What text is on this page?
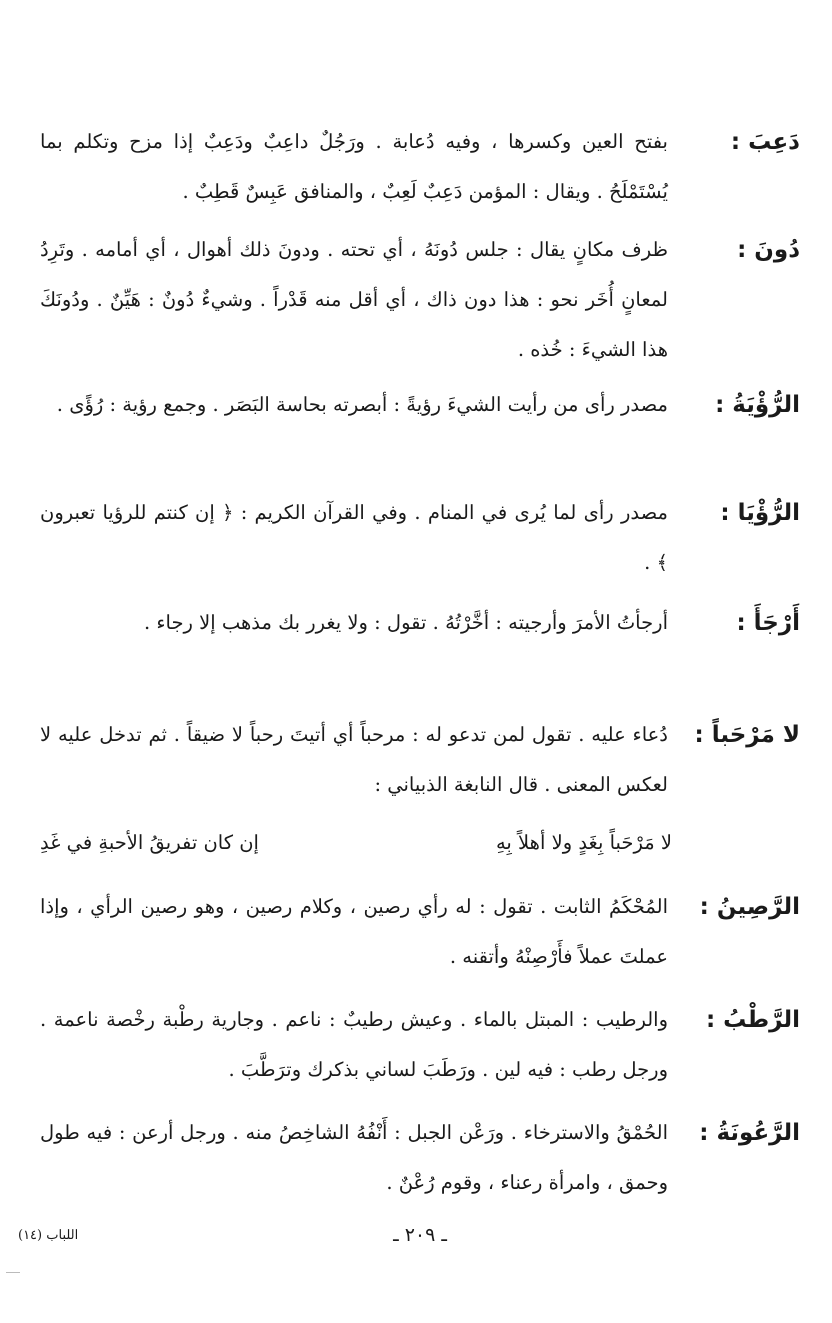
دَعِبَ :
بفتح العين وكسرها ، وفيه دُعابة . ورَجُلٌ داعِبٌ ودَعِبٌ إذا مزح وتكلم بما يُسْتَمْلَحُ . ويقال : المؤمن دَعِبٌ لَعِبٌ ، والمنافق عَبِسٌ قَطِبٌ .
دُونَ :
ظرف مكانٍ يقال : جلس دُونَهُ ، أي تحته . ودونَ ذلك أهوال ، أي أمامه . وتَرِدُ لمعانٍ أُخَر نحو : هذا دون ذاك ، أي أقل منه قَدْراً . وشيءٌ دُونٌ : هَيِّنٌ . ودُونَكَ هذا الشيءَ : خُذه .
الرُّؤْيَةُ :
مصدر رأى من رأيت الشيءَ رؤيةً : أبصرته بحاسة البَصَر . وجمع رؤية : رُؤًى .
الرُّؤْيَا :
مصدر رأى لما يُرى في المنام . وفي القرآن الكريم : ﴿ إن كنتم للرؤيا تعبرون ﴾ .
أَرْجَأَ :
أرجأتُ الأمرَ وأرجيته : أخَّرْتُهُ . تقول : ولا يغرر بك مذهب إلا رجاء .
لا مَرْحَباً :
دُعاء عليه . تقول لمن تدعو له : مرحباً أي أتيتَ رحباً لا ضيقاً . ثم تدخل عليه لا لعكس المعنى . قال النابغة الذبياني :
لا مَرْحَباً بِغَدٍ ولا أهلاً بِهِ
إن كان تفريقُ الأحبةِ في غَدِ
الرَّصِينُ :
المُحْكَمُ الثابت . تقول : له رأي رصين ، وكلام رصين ، وهو رصين الرأي ، وإذا عملتَ عملاً فأَرْصِنْهُ وأتقنه .
الرَّطْبُ :
والرطيب : المبتل بالماء . وعيش رطيبٌ : ناعم . وجارية رطْبة رخْصة ناعمة . ورجل رطب : فيه لين . ورَطَبَ لساني بذكرك وترَطَّبَ .
الرَّعُونَةُ :
الحُمْقُ والاسترخاء . ورَعْن الجبل : أَنْفُهُ الشاخِصُ منه . ورجل أرعن : فيه طول وحمق ، وامرأة رعناء ، وقوم رُعْنٌ .
ـ ٢٠٩ ـ
اللباب (١٤)
